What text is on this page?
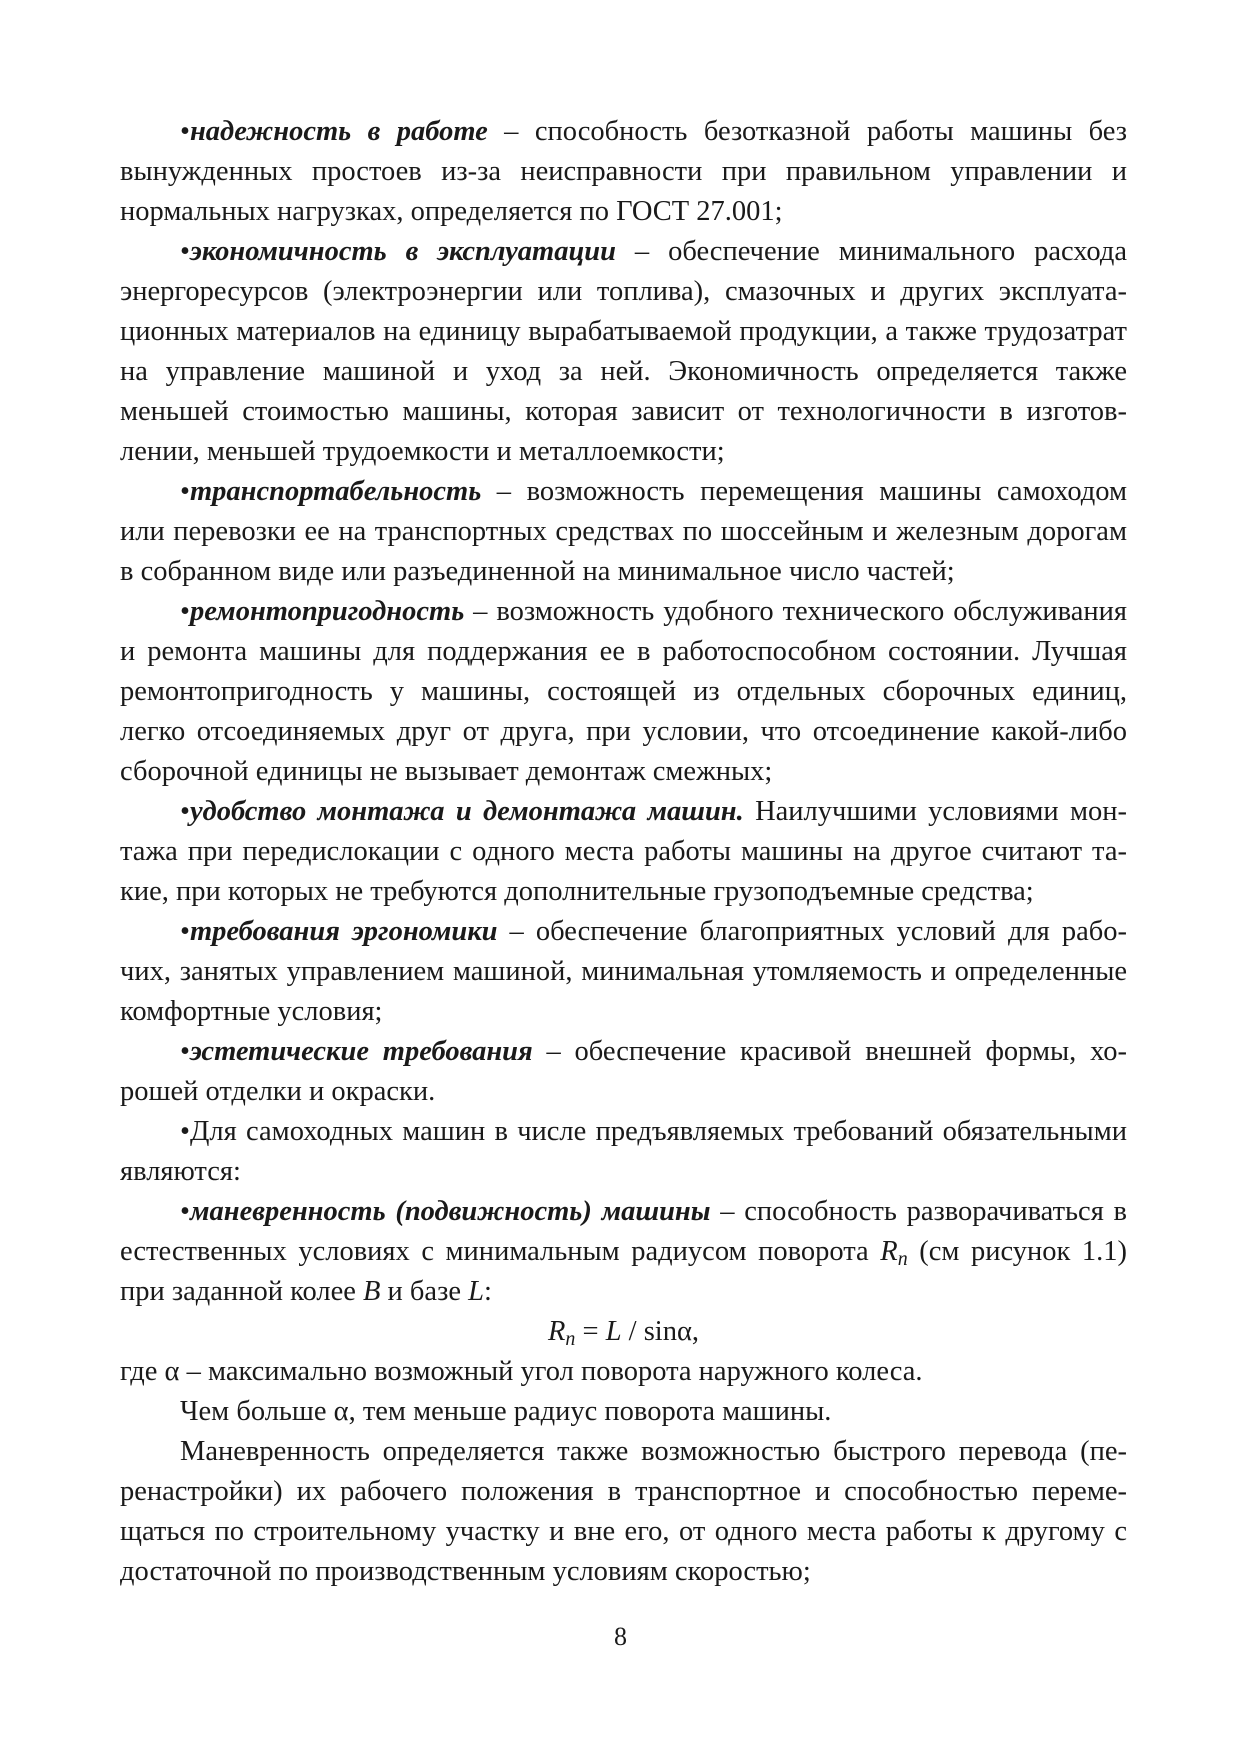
•надежность в работе – способность безотказной работы машины без вынужденных простоев из-за неисправности при правильном управлении и нормальных нагрузках, определяется по ГОСТ 27.001;

•экономичность в эксплуатации – обеспечение минимального расхода энергоресурсов (электроэнергии или топлива), смазочных и других эксплуатационных материалов на единицу вырабатываемой продукции, а также трудозатрат на управление машиной и уход за ней. Экономичность определяется также меньшей стоимостью машины, которая зависит от технологичности в изготовлении, меньшей трудоемкости и металлоемкости;

•транспортабельность – возможность перемещения машины самоходом или перевозки ее на транспортных средствах по шоссейным и железным дорогам в собранном виде или разъединенной на минимальное число частей;

•ремонтопригодность – возможность удобного технического обслуживания и ремонта машины для поддержания ее в работоспособном состоянии. Лучшая ремонтопригодность у машины, состоящей из отдельных сборочных единиц, легко отсоединяемых друг от друга, при условии, что отсоединение какой-либо сборочной единицы не вызывает демонтаж смежных;

•удобство монтажа и демонтажа машин. Наилучшими условиями монтажа при передислокации с одного места работы машины на другое считают такие, при которых не требуются дополнительные грузоподъемные средства;

•требования эргономики – обеспечение благоприятных условий для рабочих, занятых управлением машиной, минимальная утомляемость и определенные комфортные условия;

•эстетические требования – обеспечение красивой внешней формы, хорошей отделки и окраски.

•Для самоходных машин в числе предъявляемых требований обязательными являются:

•маневренность (подвижность) машины – способность разворачиваться в естественных условиях с минимальным радиусом поворота $R_n$ (см рисунок 1.1) при заданной колее B и базе L:

$R_n = L / \sin\alpha$,

где α – максимально возможный угол поворота наружного колеса.

Чем больше α, тем меньше радиус поворота машины.

Маневренность определяется также возможностью быстрого перевода (перенастройки) их рабочего положения в транспортное и способностью перемещаться по строительному участку и вне его, от одного места работы к другому с достаточной по производственным условиям скоростью;

8
